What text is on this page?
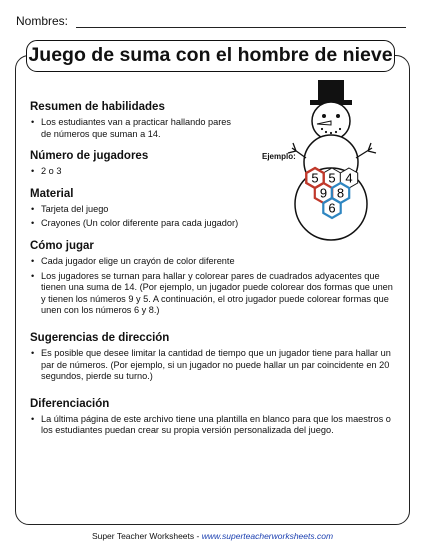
Nombres:
Juego de suma con el hombre de nieve
Resumen de habilidades
• Los estudiantes van a practicar hallando pares de números que suman a 14.
Número de jugadores
• 2 o 3
Material
• Tarjeta del juego
• Crayones (Un color diferente para cada jugador)
Cómo jugar
• Cada jugador elige un crayón de color diferente
• Los jugadores se turnan para hallar y colorear pares de cuadrados adyacentes que tienen una suma de 14. (Por ejemplo, un jugador puede colorear dos formas que unen y tienen los números 9 y 5. A continuación, el otro jugador puede colorear formas que unen con los números 6 y 8.)
Sugerencias de dirección
• Es posible que desee limitar la cantidad de tiempo que un jugador tiene para hallar un par de números. (Por ejemplo, si un jugador no puede hallar un par coincidente en 20 segundos, pierde su turno.)
Diferenciación
• La última página de este archivo tiene una plantilla en blanco para que los maestros o los estudiantes puedan crear su propia versión personalizada del juego.
Ejemplo:
5 5 4
9 8
6
Super Teacher Worksheets - www.superteacherworksheets.com
